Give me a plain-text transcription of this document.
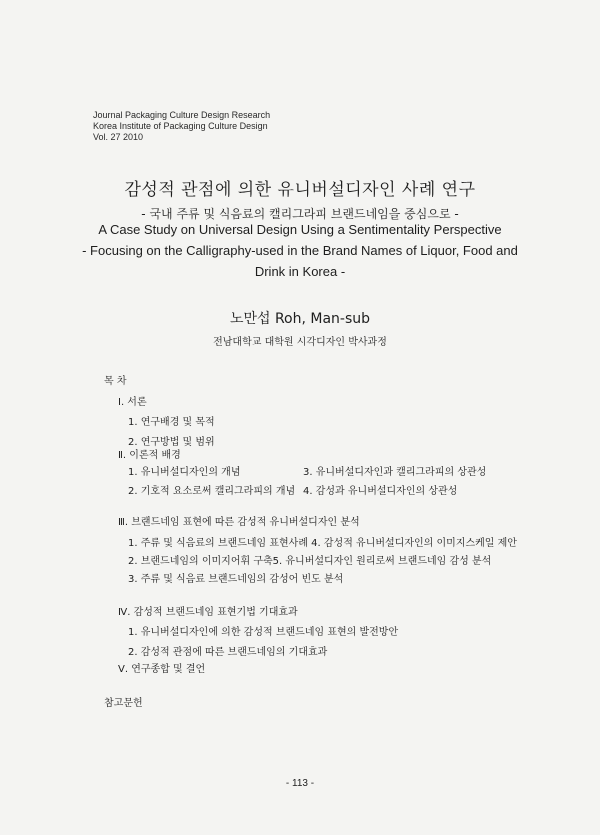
Journal Packaging Culture Design Research
Korea Institute of Packaging Culture Design
Vol. 27 2010
감성적 관점에 의한 유니버설디자인 사례 연구
- 국내 주류 및 식음료의 캘리그라피 브랜드네임을 중심으로 -
A Case Study on Universal Design Using a Sentimentality Perspective
- Focusing on the Calligraphy-used in the Brand Names of Liquor, Food and
Drink in Korea -
노만섭 Roh, Man-sub
전남대학교 대학원 시각디자인 박사과정
목 차
Ⅰ. 서론
1. 연구배경 및 목적
2. 연구방법 및 범위
Ⅱ. 이론적 배경
1. 유니버설디자인의 개념	3. 유니버설디자인과 캘리그라피의 상관성
2. 기호적 요소로써 캘리그라피의 개념 4. 감성과 유니버설디자인의 상관성
Ⅲ. 브랜드네임 표현에 따른 감성적 유니버설디자인 분석
1. 주류 및 식음료의 브랜드네임 표현사례 4. 감성적 유니버설디자인의 이미지스케일 제안
2. 브랜드네임의 이미지어휘 구축5. 유니버설디자인 원리로써 브랜드네임 감성 분석
3. 주류 및 식음료 브랜드네임의 감성어 빈도 분석
Ⅳ. 감성적 브랜드네임 표현기법 기대효과
1. 유니버설디자인에 의한 감성적 브랜드네임 표현의 발전방안
2. 감성적 관점에 따른 브랜드네임의 기대효과
Ⅴ. 연구종합 및 결언
참고문헌
- 113 -
